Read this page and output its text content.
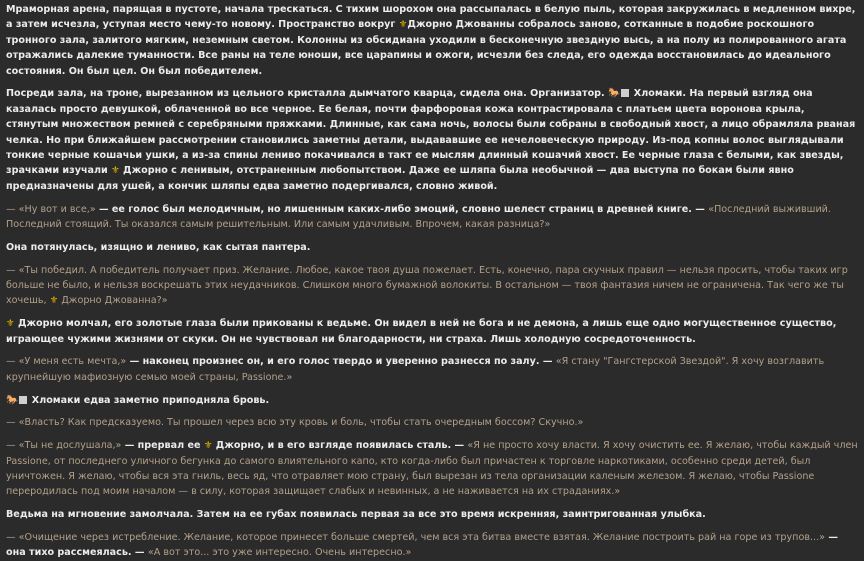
Мраморная арена, парящая в пустоте, начала трескаться. С тихим шорохом она рассыпалась в белую пыль, которая закружилась в медленном вихре, а затем исчезла, уступая место чему-то новому. Пространство вокруг ⚜Джорно Джованны собралось заново, сотканные в подобие роскошного тронного зала, залитого мягким, неземным светом. Колонны из обсидиана уходили в бесконечную звездную высь, а на полу из полированного агата отражались далекие туманности. Все раны на теле юноши, все царапины и ожоги, исчезли без следа, его одежда восстановилась до идеального состояния. Он был цел. Он был победителем.

Посреди зала, на троне, вырезанном из цельного кристалла дымчатого кварца, сидела она. Организатор. 🐎 Хломаки. На первый взгляд она казалась просто девушкой, облаченной во все черное. Ее белая, почти фарфоровая кожа контрастировала с платьем цвета воронова крыла, стянутым множеством ремней с серебряными пряжками. Длинные, как сама ночь, волосы были собраны в свободный хвост, а лицо обрамляла рваная челка. Но при ближайшем рассмотрении становились заметны детали, выдававшие ее нечеловеческую природу. Из-под копны волос выглядывали тонкие черные кошачьи ушки, а из-за спины лениво покачивался в такт ее мыслям длинный кошачий хвост. Ее черные глаза с белыми, как звезды, зрачками изучали ⚜ Джорно с ленивым, отстраненным любопытством. Даже ее шляпа была необычной — два выступа по бокам были явно предназначены для ушей, а кончик шляпы едва заметно подергивался, словно живой.

— «Ну вот и все,» — ее голос был мелодичным, но лишенным каких-либо эмоций, словно шелест страниц в древней книге. — «Последний выживший. Последний стоящий. Ты оказался самым решительным. Или самым удачливым. Впрочем, какая разница?»

Она потянулась, изящно и лениво, как сытая пантера.

— «Ты победил. А победитель получает приз. Желание. Любое, какое твоя душа пожелает. Есть, конечно, пара скучных правил — нельзя просить, чтобы таких игр больше не было, и нельзя воскрешать этих неудачников. Слишком много бумажной волокиты. В остальном — твоя фантазия ничем не ограничена. Так чего же ты хочешь, ⚜ Джорно Джованна?»

⚜ Джорно молчал, его золотые глаза были прикованы к ведьме. Он видел в ней не бога и не демона, а лишь еще одно могущественное существо, играющее чужими жизнями от скуки. Он не чувствовал ни благодарности, ни страха. Лишь холодную сосредоточенность.

— «У меня есть мечта,» — наконец произнес он, и его голос твердо и уверенно разнесся по залу. — «Я стану "Гангстерской Звездой". Я хочу возглавить крупнейшую мафиозную семью моей страны, Passione.»

🐎 Хломаки едва заметно приподняла бровь.

— «Власть? Как предсказуемо. Ты прошел через всю эту кровь и боль, чтобы стать очередным боссом? Скучно.»

— «Ты не дослушала,» — прервал ее ⚜ Джорно, и в его взгляде появилась сталь. — «Я не просто хочу власти. Я хочу очистить ее. Я желаю, чтобы каждый член Passione, от последнего уличного бегунка до самого влиятельного капо, кто когда-либо был причастен к торговле наркотиками, особенно среди детей, был уничтожен. Я желаю, чтобы вся эта гниль, весь яд, что отравляет мою страну, был вырезан из тела организации каленым железом. Я желаю, чтобы Passione переродилась под моим началом — в силу, которая защищает слабых и невинных, а не наживается на их страданиях.»

Ведьма на мгновение замолчала. Затем на ее губах появилась первая за все это время искренняя, заинтригованная улыбка.

— «Очищение через истребление. Желание, которое принесет больше смертей, чем вся эта битва вместе взятая. Желание построить рай на горе из трупов...» — она тихо рассмеялась. — «А вот это... это уже интересно. Очень интересно.»
